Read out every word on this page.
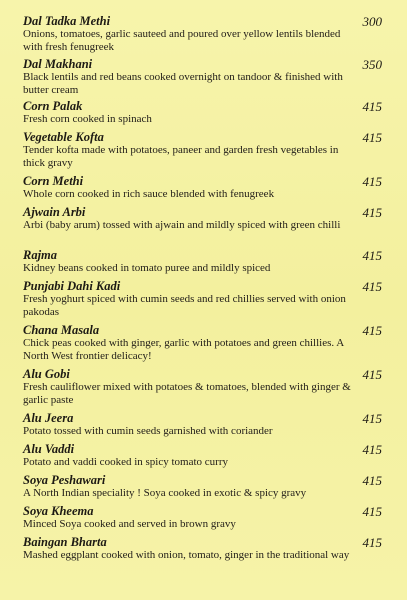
Dal Tadka Methi	300
Onions, tomatoes, garlic sauteed and poured over yellow lentils blended with fresh fenugreek
Dal Makhani	350
Black lentils and red beans cooked overnight on tandoor & finished with butter cream
Corn Palak	415
Fresh corn cooked in spinach
Vegetable Kofta	415
Tender kofta made with potatoes, paneer and garden fresh vegetables in thick gravy
Corn Methi	415
Whole corn cooked in rich sauce blended with fenugreek
Ajwain Arbi	415
Arbi (baby arum) tossed with ajwain and mildly spiced with green chilli
Rajma	415
Kidney beans cooked in tomato puree and mildly spiced
Punjabi Dahi Kadi	415
Fresh yoghurt spiced with cumin seeds and red chillies served with onion pakodas
Chana Masala	415
Chick peas cooked with ginger, garlic with potatoes and green chillies. A North West frontier delicacy!
Alu Gobi	415
Fresh cauliflower mixed with potatoes & tomatoes, blended with ginger & garlic paste
Alu Jeera	415
Potato tossed with cumin seeds garnished with coriander
Alu Vaddi	415
Potato and vaddi cooked in spicy tomato curry
Soya Peshawari	415
A North Indian speciality ! Soya cooked in exotic & spicy gravy
Soya Kheema	415
Minced Soya cooked and served in brown gravy
Baingan Bharta	415
Mashed eggplant cooked with onion, tomato, ginger in the traditional way
